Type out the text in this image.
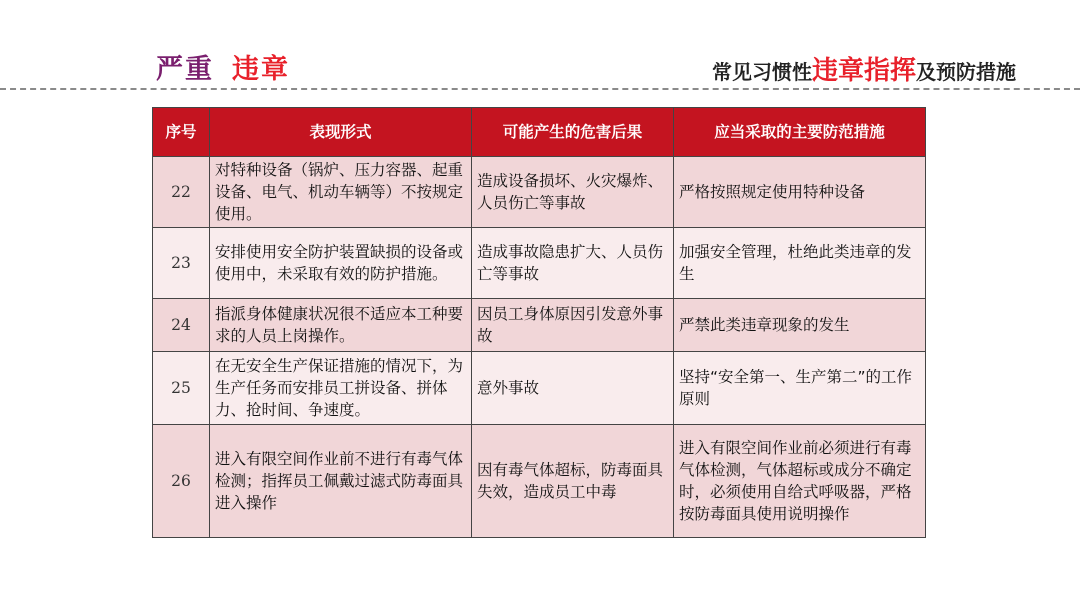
严重 违章	常见习惯性违章指挥及预防措施
序号	表现形式	可能产生的危害后果	应当采取的主要防范措施
22	对特种设备（锅炉、压力容器、起重设备、电气、机动车辆等）不按规定使用。	造成设备损坏、火灾爆炸、人员伤亡等事故	严格按照规定使用特种设备
23	安排使用安全防护装置缺损的设备或使用中，未采取有效的防护措施。	造成事故隐患扩大、人员伤亡等事故	加强安全管理，杜绝此类违章的发生
24	指派身体健康状况很不适应本工种要求的人员上岗操作。	因员工身体原因引发意外事故	严禁此类违章现象的发生
25	在无安全生产保证措施的情况下，为生产任务而安排员工拼设备、拼体力、抢时间、争速度。	意外事故	坚持“安全第一、生产第二”的工作原则
26	进入有限空间作业前不进行有毒气体检测；指挥员工佩戴过滤式防毒面具进入操作	因有毒气体超标，防毒面具失效，造成员工中毒	进入有限空间作业前必须进行有毒气体检测，气体超标或成分不确定时，必须使用自给式呼吸器，严格按防毒面具使用说明操作
